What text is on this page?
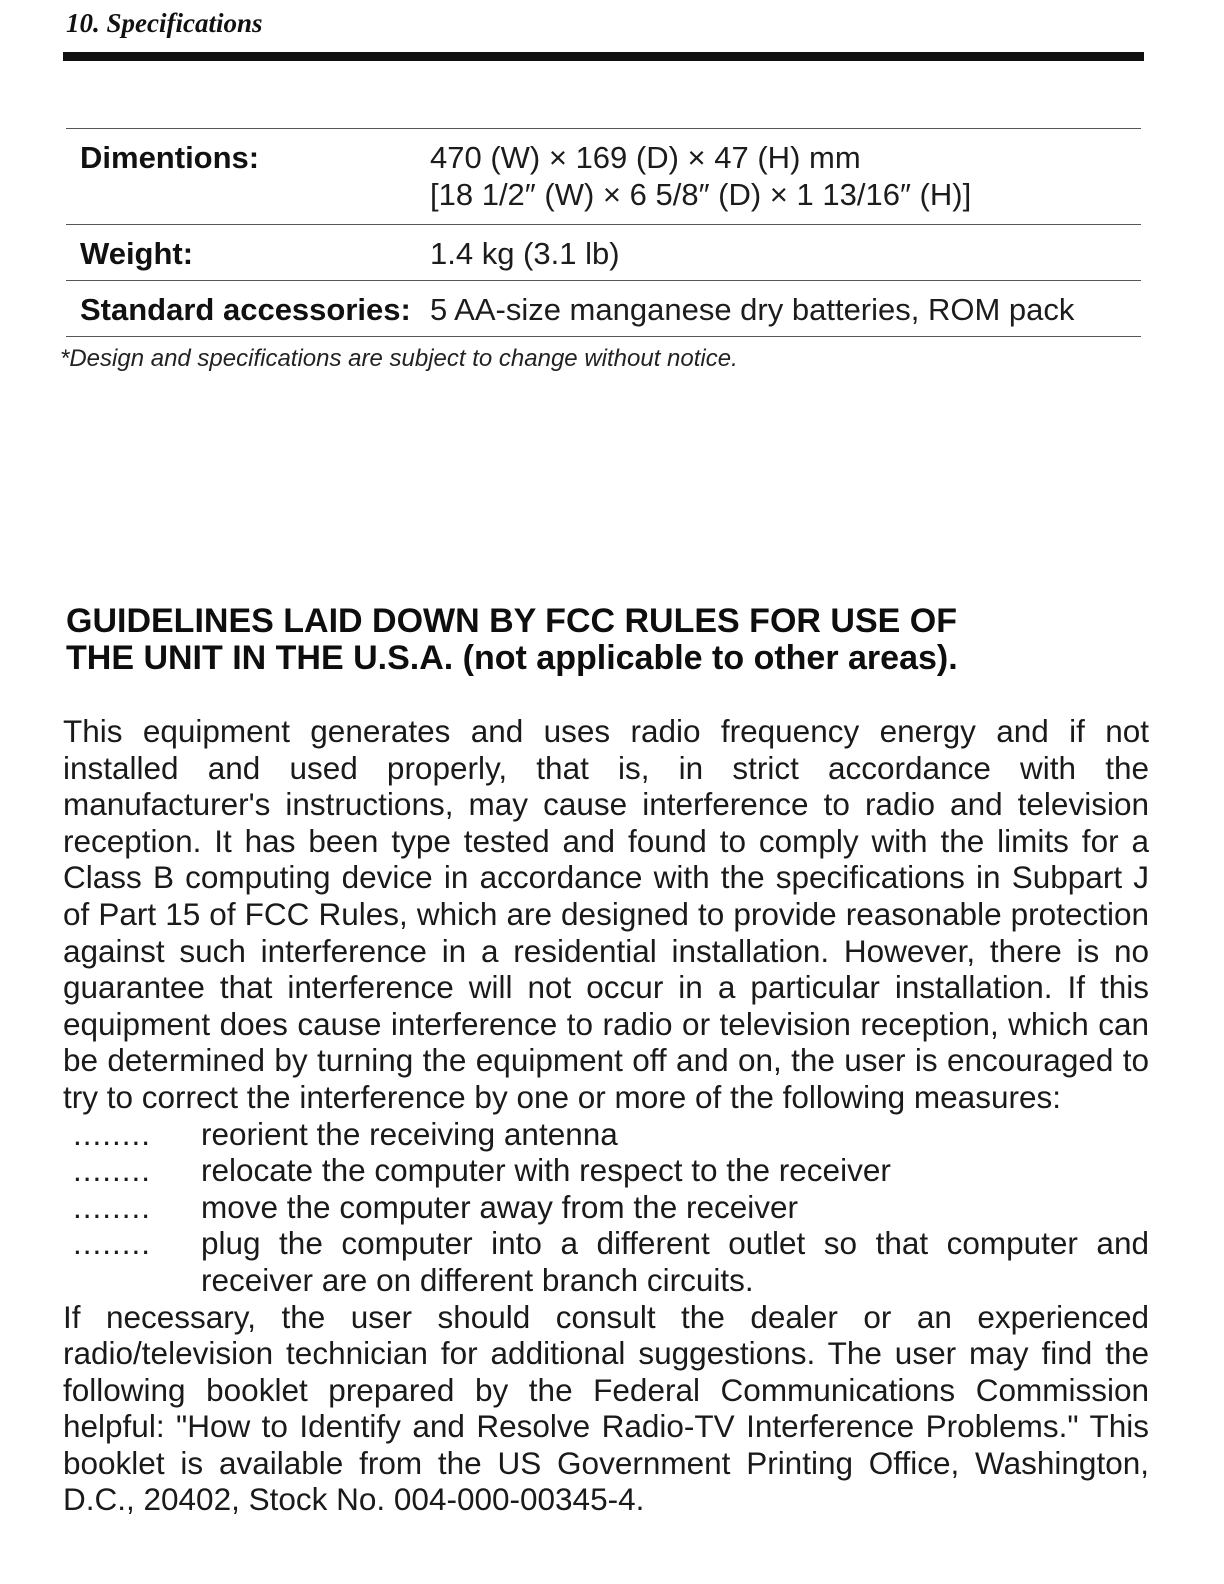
10. Specifications
Dimentions:	470 (W) × 169 (D) × 47 (H) mm
[18 1/2″ (W) × 6 5/8″ (D) × 1 13/16″ (H)]
Weight:	1.4 kg (3.1 lb)
Standard accessories: 5 AA-size manganese dry batteries, ROM pack
*Design and specifications are subject to change without notice.
GUIDELINES LAID DOWN BY FCC RULES FOR USE OF
THE UNIT IN THE U.S.A. (not applicable to other areas).

This equipment generates and uses radio frequency energy and if not installed and used properly, that is, in strict accordance with the manufacturer's instructions, may cause interference to radio and television reception. It has been type tested and found to comply with the limits for a Class B computing device in accordance with the specifications in Subpart J of Part 15 of FCC Rules, which are designed to provide reasonable protection against such interference in a residential installation. However, there is no guarantee that interference will not occur in a particular installation. If this equipment does cause interference to radio or television reception, which can be determined by turning the equipment off and on, the user is encouraged to try to correct the interference by one or more of the following measures:

........	reorient the receiving antenna
........	relocate the computer with respect to the receiver
........	move the computer away from the receiver
........	plug the computer into a different outlet so that computer and receiver are on different branch circuits.

If necessary, the user should consult the dealer or an experienced radio/television technician for additional suggestions. The user may find the following booklet prepared by the Federal Communications Commission helpful: "How to Identify and Resolve Radio-TV Interference Problems." This booklet is available from the US Government Printing Office, Washington, D.C., 20402, Stock No. 004-000-00345-4.
